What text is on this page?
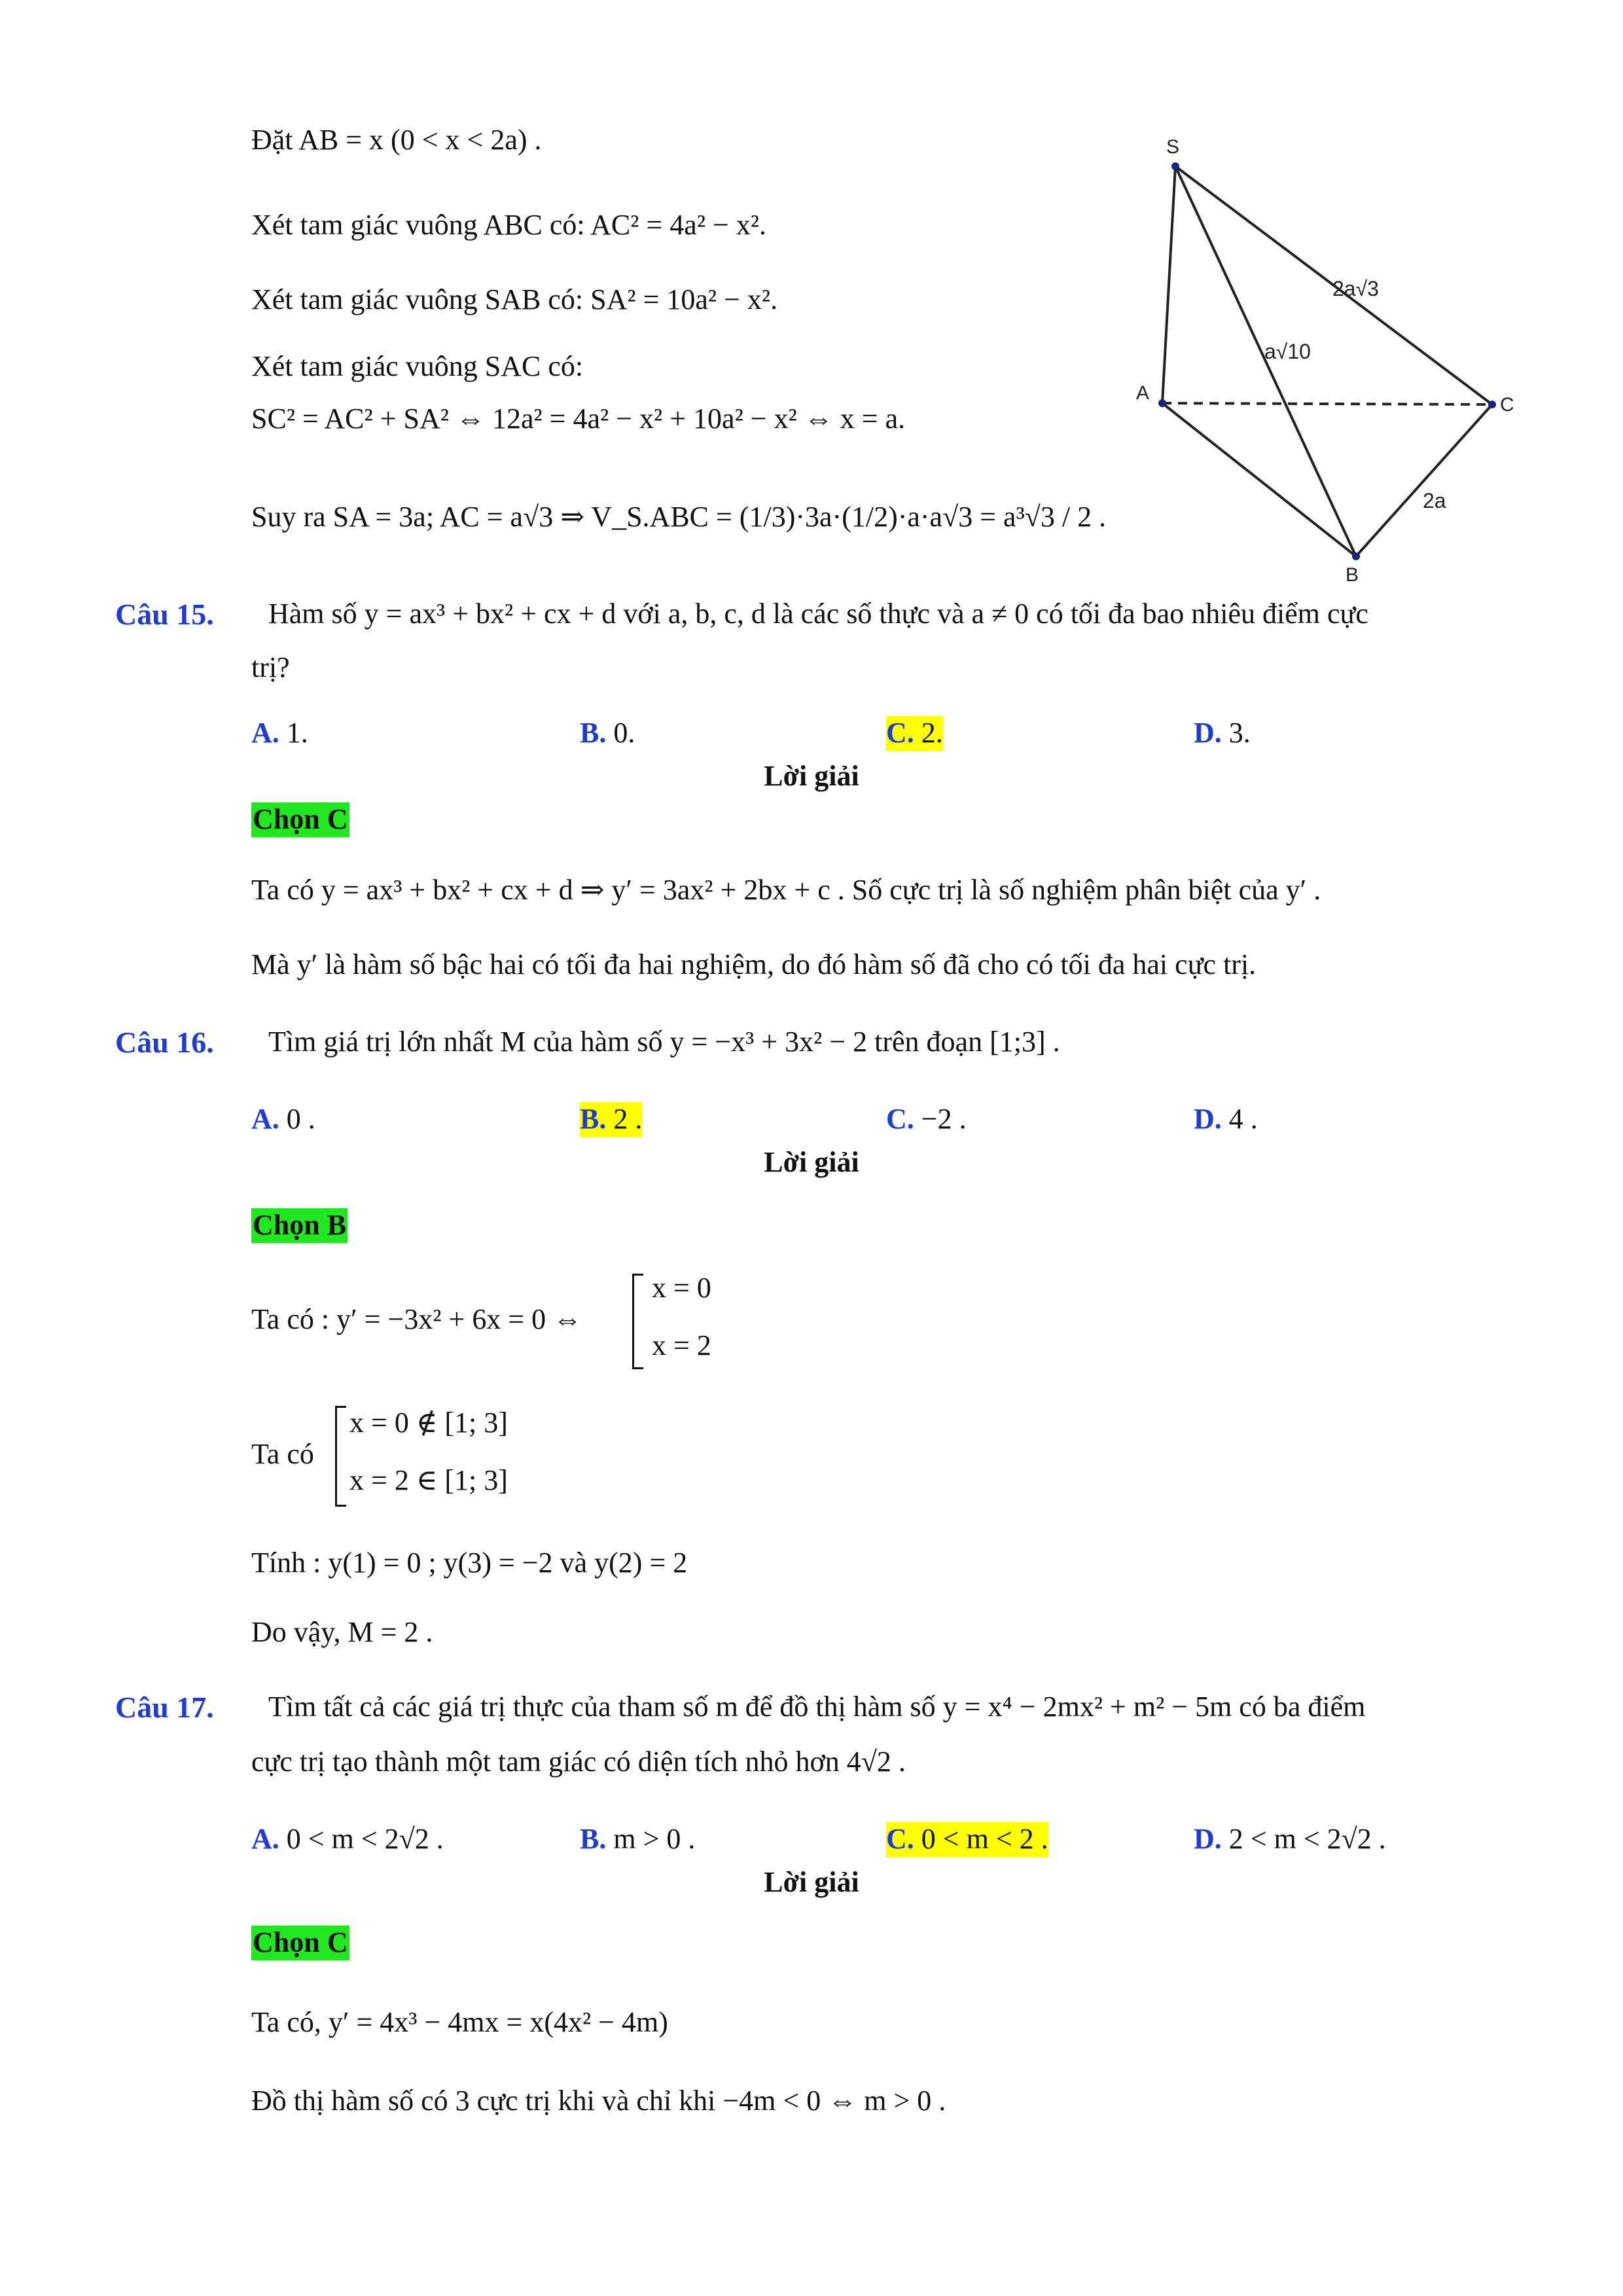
Đặt AB = x (0 < x < 2a) .
Xét tam giác vuông ABC có: AC² = 4a² − x².
Xét tam giác vuông SAB có: SA² = 10a² − x².
Xét tam giác vuông SAC có:
SC² = AC² + SA² ⇔ 12a² = 4a² − x² + 10a² − x² ⇔ x = a.
Suy ra SA = 3a; AC = a√3 ⇒ V_S.ABC = (1/3)·3a·(1/2)·a·a√3 = a³√3 / 2 .
S
A
B
C
2a√3
a√10
2a
Câu 15. Hàm số y = ax³ + bx² + cx + d với a, b, c, d là các số thực và a ≠ 0 có tối đa bao nhiêu điểm cực
trị?
A. 1.	B. 0.	C. 2.	D. 3.
Lời giải
Chọn C
Ta có y = ax³ + bx² + cx + d ⇒ y′ = 3ax² + 2bx + c . Số cực trị là số nghiệm phân biệt của y′ .
Mà y′ là hàm số bậc hai có tối đa hai nghiệm, do đó hàm số đã cho có tối đa hai cực trị.
Câu 16. Tìm giá trị lớn nhất M của hàm số y = −x³ + 3x² − 2 trên đoạn [1;3] .
A. 0 .	B. 2 .	C. −2 .	D. 4 .
Lời giải
Chọn B
Ta có : y′ = −3x² + 6x = 0 ⇔
x = 0
x = 2
Ta có
x = 0 ∉ [1; 3]
x = 2 ∈ [1; 3]
Tính : y(1) = 0 ; y(3) = −2 và y(2) = 2
Do vậy, M = 2 .
Câu 17. Tìm tất cả các giá trị thực của tham số m để đồ thị hàm số y = x⁴ − 2mx² + m² − 5m có ba điểm
cực trị tạo thành một tam giác có diện tích nhỏ hơn 4√2 .
A. 0 < m < 2√2 .	B. m > 0 .	C. 0 < m < 2 .	D. 2 < m < 2√2 .
Lời giải
Chọn C
Ta có, y′ = 4x³ − 4mx = x(4x² − 4m)
Đồ thị hàm số có 3 cực trị khi và chỉ khi −4m < 0 ⇔ m > 0 .
